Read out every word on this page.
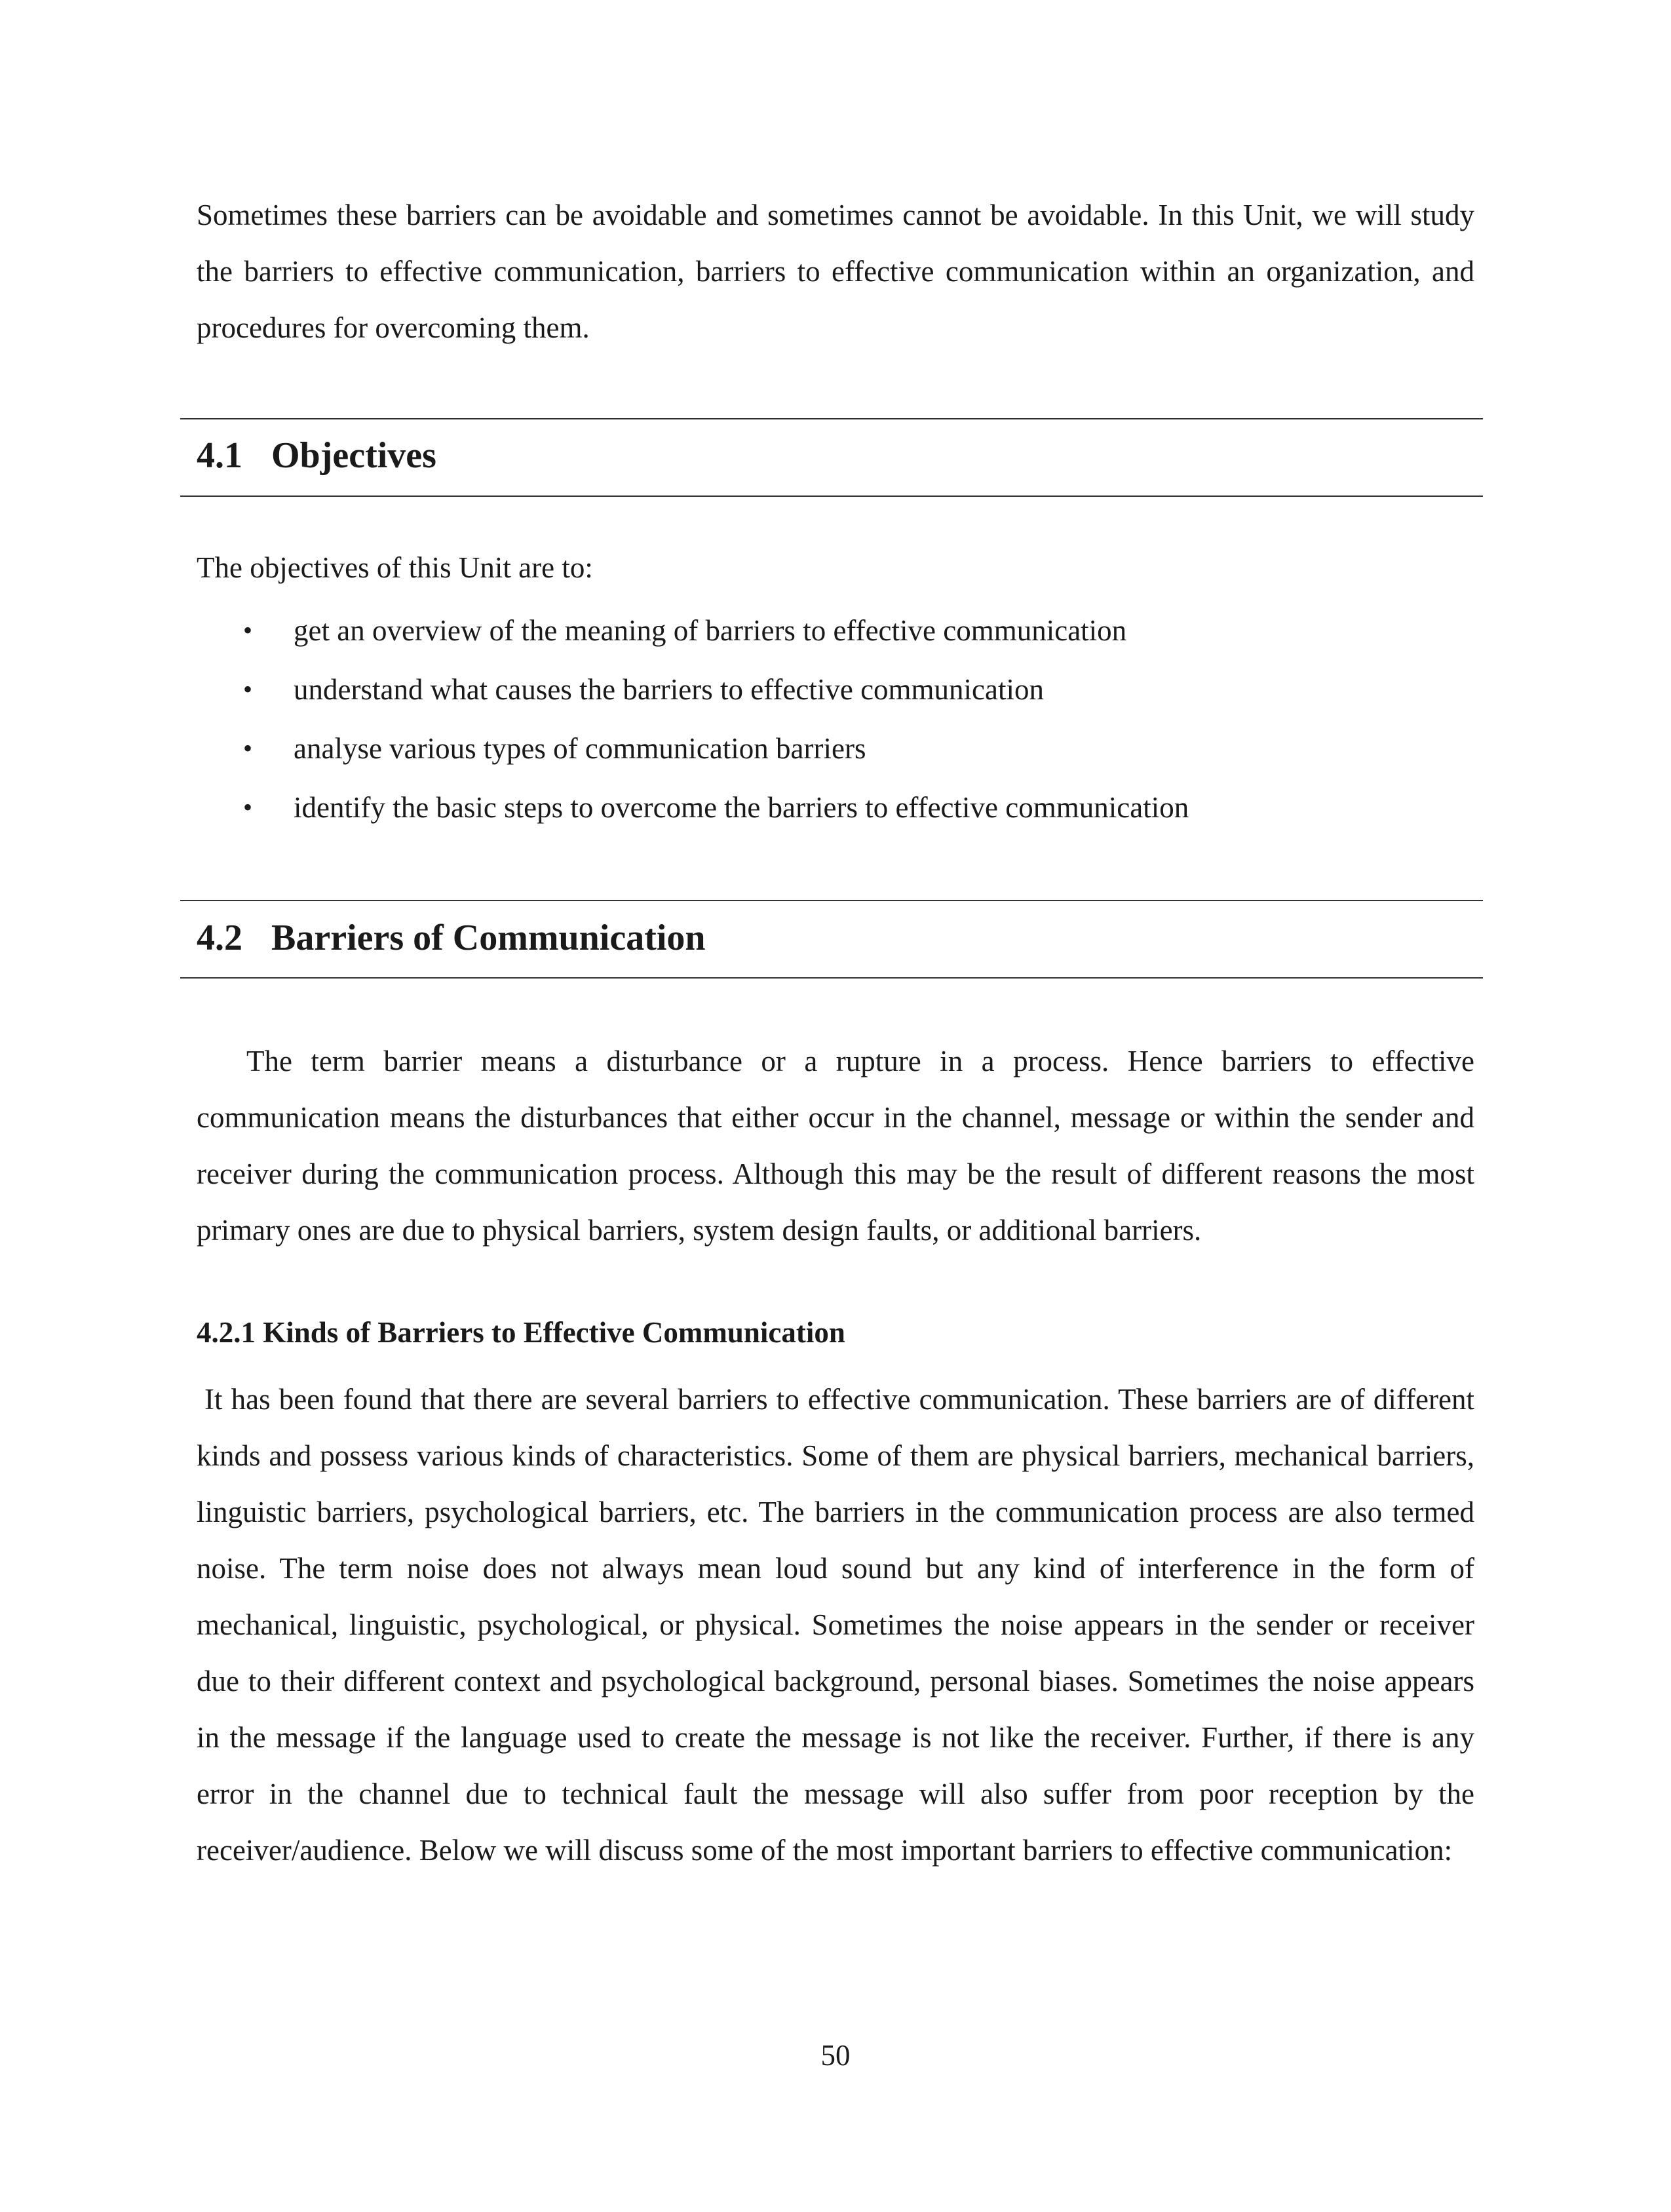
Sometimes these barriers can be avoidable and sometimes cannot be avoidable. In this Unit, we will study the barriers to effective communication, barriers to effective communication within an organization, and procedures for overcoming them.

4.1 Objectives

The objectives of this Unit are to:

• get an overview of the meaning of barriers to effective communication
• understand what causes the barriers to effective communication
• analyse various types of communication barriers
• identify the basic steps to overcome the barriers to effective communication
4.2 Barriers of Communication

The term barrier means a disturbance or a rupture in a process. Hence barriers to effective communication means the disturbances that either occur in the channel, message or within the sender and receiver during the communication process. Although this may be the result of different reasons the most primary ones are due to physical barriers, system design faults, or additional barriers.

4.2.1 Kinds of Barriers to Effective Communication

It has been found that there are several barriers to effective communication. These barriers are of different kinds and possess various kinds of characteristics. Some of them are physical barriers, mechanical barriers, linguistic barriers, psychological barriers, etc. The barriers in the communication process are also termed noise. The term noise does not always mean loud sound but any kind of interference in the form of mechanical, linguistic, psychological, or physical. Sometimes the noise appears in the sender or receiver due to their different context and psychological background, personal biases. Sometimes the noise appears in the message if the language used to create the message is not like the receiver. Further, if there is any error in the channel due to technical fault the message will also suffer from poor reception by the receiver/audience. Below we will discuss some of the most important barriers to effective communication:

50
